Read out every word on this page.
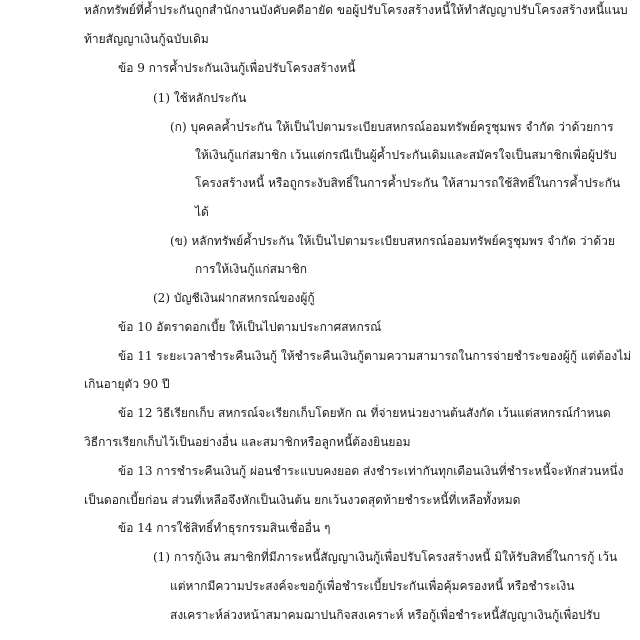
หลักทรัพย์ที่ค้ำประกันถูกสำนักงานบังคับคดีอายัด ขอผู้ปรับโครงสร้างหนี้ให้ทำสัญญาปรับโครงสร้างหนี้แนบ
ท้ายสัญญาเงินกู้ฉบับเดิม
ข้อ 9 การค้ำประกันเงินกู้เพื่อปรับโครงสร้างหนี้
(1) ใช้หลักประกัน
(ก) บุคคลค้ำประกัน ให้เป็นไปตามระเบียบสหกรณ์ออมทรัพย์ครูชุมพร จำกัด ว่าด้วยการ
ให้เงินกู้แก่สมาชิก เว้นแต่กรณีเป็นผู้ค้ำประกันเดิมและสมัครใจเป็นสมาชิกเพื่อผู้ปรับ
โครงสร้างหนี้ หรือถูกระงับสิทธิ์ในการค้ำประกัน ให้สามารถใช้สิทธิ์ในการค้ำประกัน
ได้
(ข) หลักทรัพย์ค้ำประกัน ให้เป็นไปตามระเบียบสหกรณ์ออมทรัพย์ครูชุมพร จำกัด ว่าด้วย
การให้เงินกู้แก่สมาชิก
(2) บัญชีเงินฝากสหกรณ์ของผู้กู้
ข้อ 10 อัตราดอกเบี้ย ให้เป็นไปตามประกาศสหกรณ์
ข้อ 11 ระยะเวลาชำระคืนเงินกู้ ให้ชำระคืนเงินกู้ตามความสามารถในการจ่ายชำระของผู้กู้ แต่ต้องไม่
เกินอายุตัว 90 ปี
ข้อ 12 วิธีเรียกเก็บ สหกรณ์จะเรียกเก็บโดยหัก ณ ที่จ่ายหน่วยงานต้นสังกัด เว้นแต่สหกรณ์กำหนด
วิธีการเรียกเก็บไว้เป็นอย่างอื่น และสมาชิกหรือลูกหนี้ต้องยินยอม
ข้อ 13 การชำระคืนเงินกู้ ผ่อนชำระแบบคงยอด ส่งชำระเท่ากันทุกเดือนเงินที่ชำระหนี้จะหักส่วนหนึ่ง
เป็นดอกเบี้ยก่อน ส่วนที่เหลือจึงหักเป็นเงินต้น ยกเว้นงวดสุดท้ายชำระหนี้ที่เหลือทั้งหมด
ข้อ 14 การใช้สิทธิ์ทำธุรกรรมสินเชื่ออื่น ๆ
(1) การกู้เงิน สมาชิกที่มีภาระหนี้สัญญาเงินกู้เพื่อปรับโครงสร้างหนี้ มิให้รับสิทธิ์ในการกู้ เว้น
แต่หากมีความประสงค์จะขอกู้เพื่อชำระเบี้ยประกันเพื่อคุ้มครองหนี้ หรือชำระเงิน
สงเคราะห์ล่วงหน้าสมาคมฌาปนกิจสงเคราะห์ หรือกู้เพื่อชำระหนี้สัญญาเงินกู้เพื่อปรับ
